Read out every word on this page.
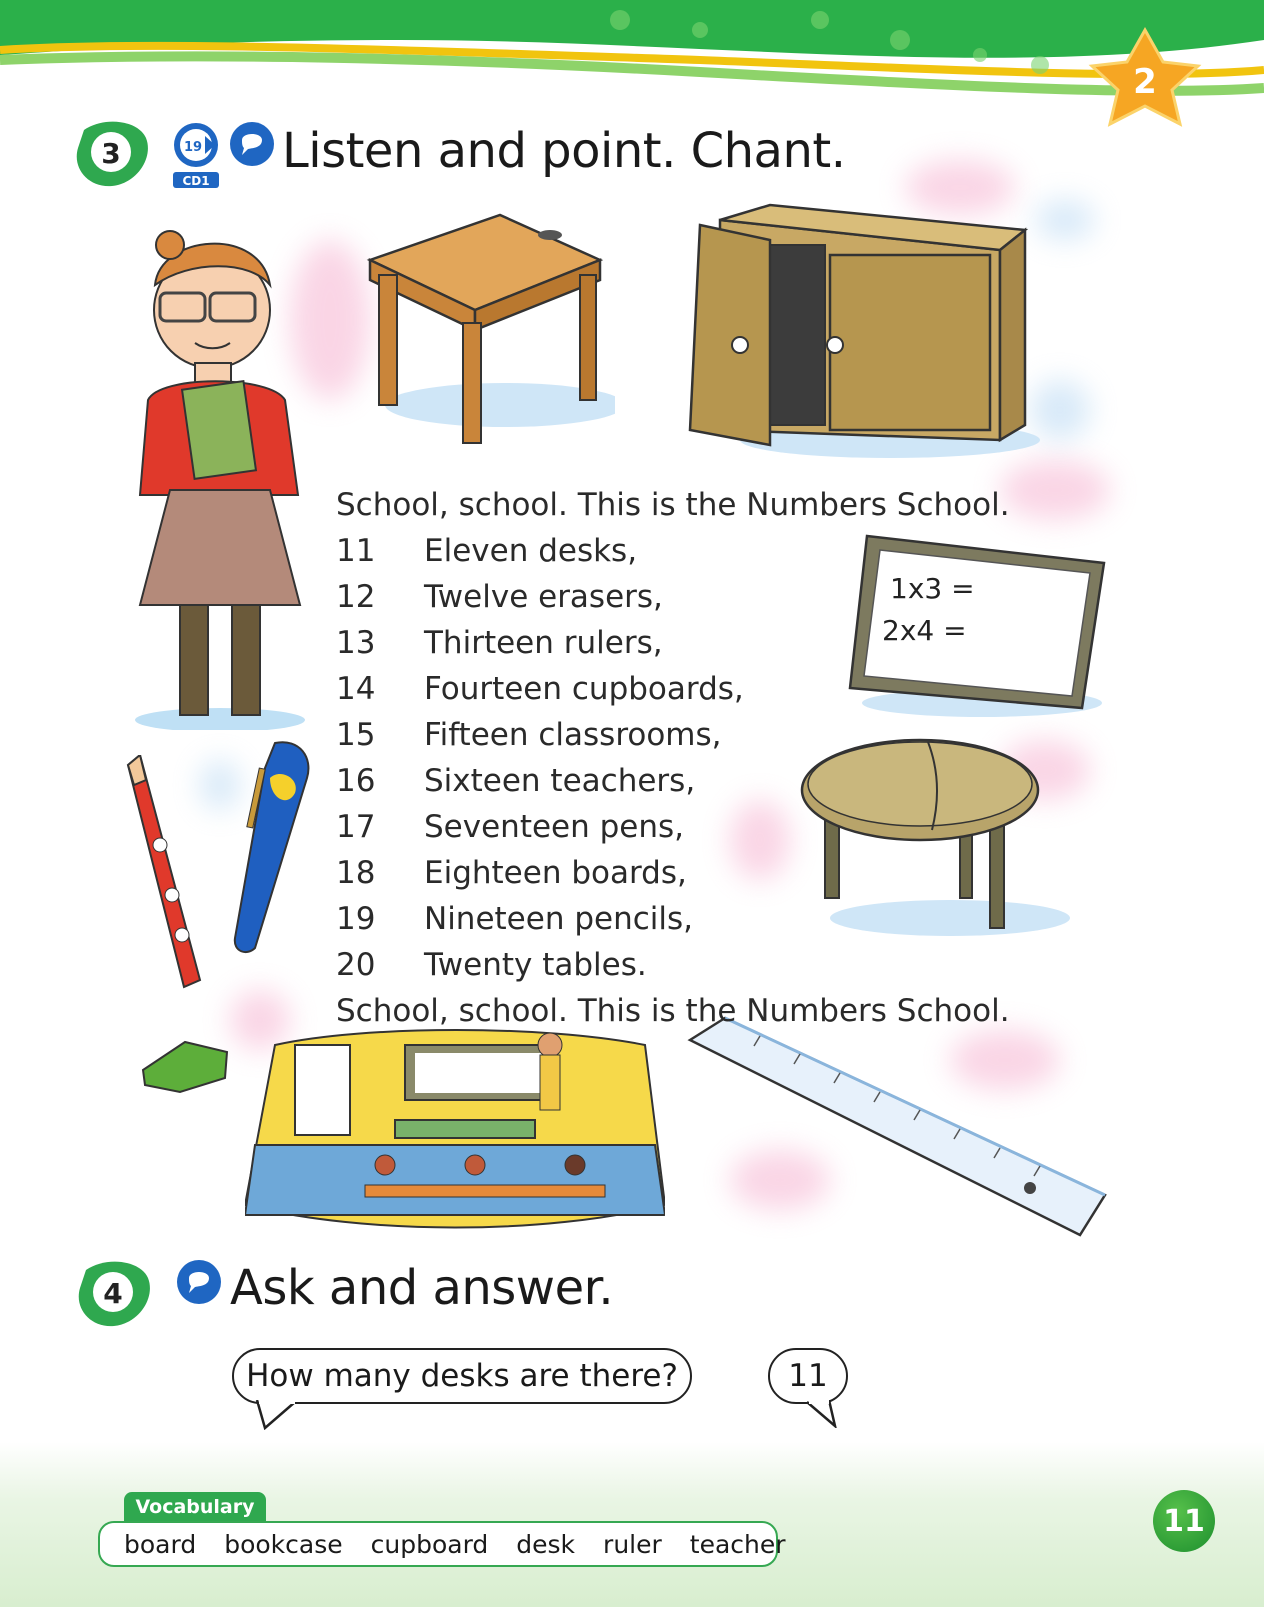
2
3	19
CD1
Listen and point. Chant.
1x3 =
2x4 =
School, school. This is the Numbers School.
11	Eleven desks,
12	Twelve erasers,
13	Thirteen rulers,
14	Fourteen cupboards,
15	Fifteen classrooms,
16	Sixteen teachers,
17	Seventeen pens,
18	Eighteen boards,
19	Nineteen pencils,
20	Twenty tables.
School, school. This is the Numbers School.
4 Ask and answer.
How many desks are there?	11
Vocabulary
board bookcase cupboard desk ruler teacher
11
